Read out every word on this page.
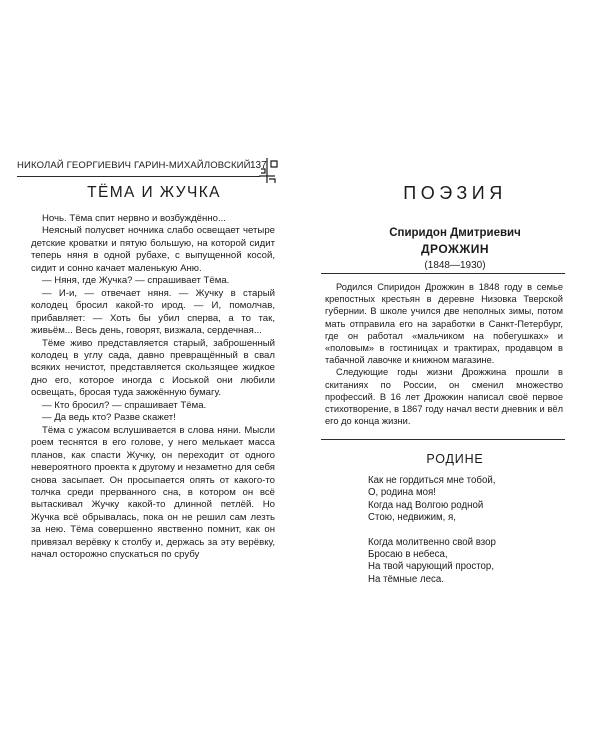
НИКОЛАЙ ГЕОРГИЕВИЧ ГАРИН-МИХАЙЛОВСКИЙ 137
ТЁМА И ЖУЧКА

Ночь. Тёма спит нервно и возбуждённо...

Неясный полусвет ночника слабо освещает четыре детские кроватки и пятую большую, на которой сидит теперь няня в одной рубахе, с выпущенной косой, сидит и сонно качает маленькую Аню.

— Няня, где Жучка? — спрашивает Тёма.

— И-и, — отвечает няня. — Жучку в старый колодец бросил какой-то ирод. — И, помолчав, прибавляет: — Хоть бы убил сперва, а то так, живьём... Весь день, говорят, визжала, сердечная...

Тёме живо представляется старый, заброшенный колодец в углу сада, давно превращённый в свал всяких нечистот, представляется скользящее жидкое дно его, которое иногда с Иоськой они любили освещать, бросая туда зажжённую бумагу.

— Кто бросил? — спрашивает Тёма.

— Да ведь кто? Разве скажет!

Тёма с ужасом вслушивается в слова няни. Мысли роем теснятся в его голове, у него мелькает масса планов, как спасти Жучку, он переходит от одного невероятного проекта к другому и незаметно для себя снова засыпает. Он просыпается опять от какого-то толчка среди прерванного сна, в котором он всё вытаскивал Жучку какой-то длинной петлёй. Но Жучка всё обрывалась, пока он не решил сам лезть за нею. Тёма совершенно явственно помнит, как он привязал верёвку к столбу и, держась за эту верёвку, начал осторожно спускаться по срубу

ПОЭЗИЯ
Спиридон Дмитриевич
ДРОЖЖИН
(1848—1930)

Родился Спиридон Дрожжин в 1848 году в семье крепостных крестьян в деревне Низовка Тверской губернии. В школе учился две неполных зимы, потом мать отправила его на заработки в Санкт-Петербург, где он работал «мальчиком на побегушках» и «половым» в гостиницах и трактирах, продавцом в табачной лавочке и книжном магазине.

Следующие годы жизни Дрожжина прошли в скитаниях по России, он сменил множество профессий. В 16 лет Дрожжин написал своё первое стихотворение, в 1867 году начал вести дневник и вёл его до конца жизни.

РОДИНЕ
Как не гордиться мне тобой,
О, родина моя!
Когда над Волгою родной
Стою, недвижим, я,
Когда молитвенно свой взор
Бросаю в небеса,
На твой чарующий простор,
На тёмные леса.
